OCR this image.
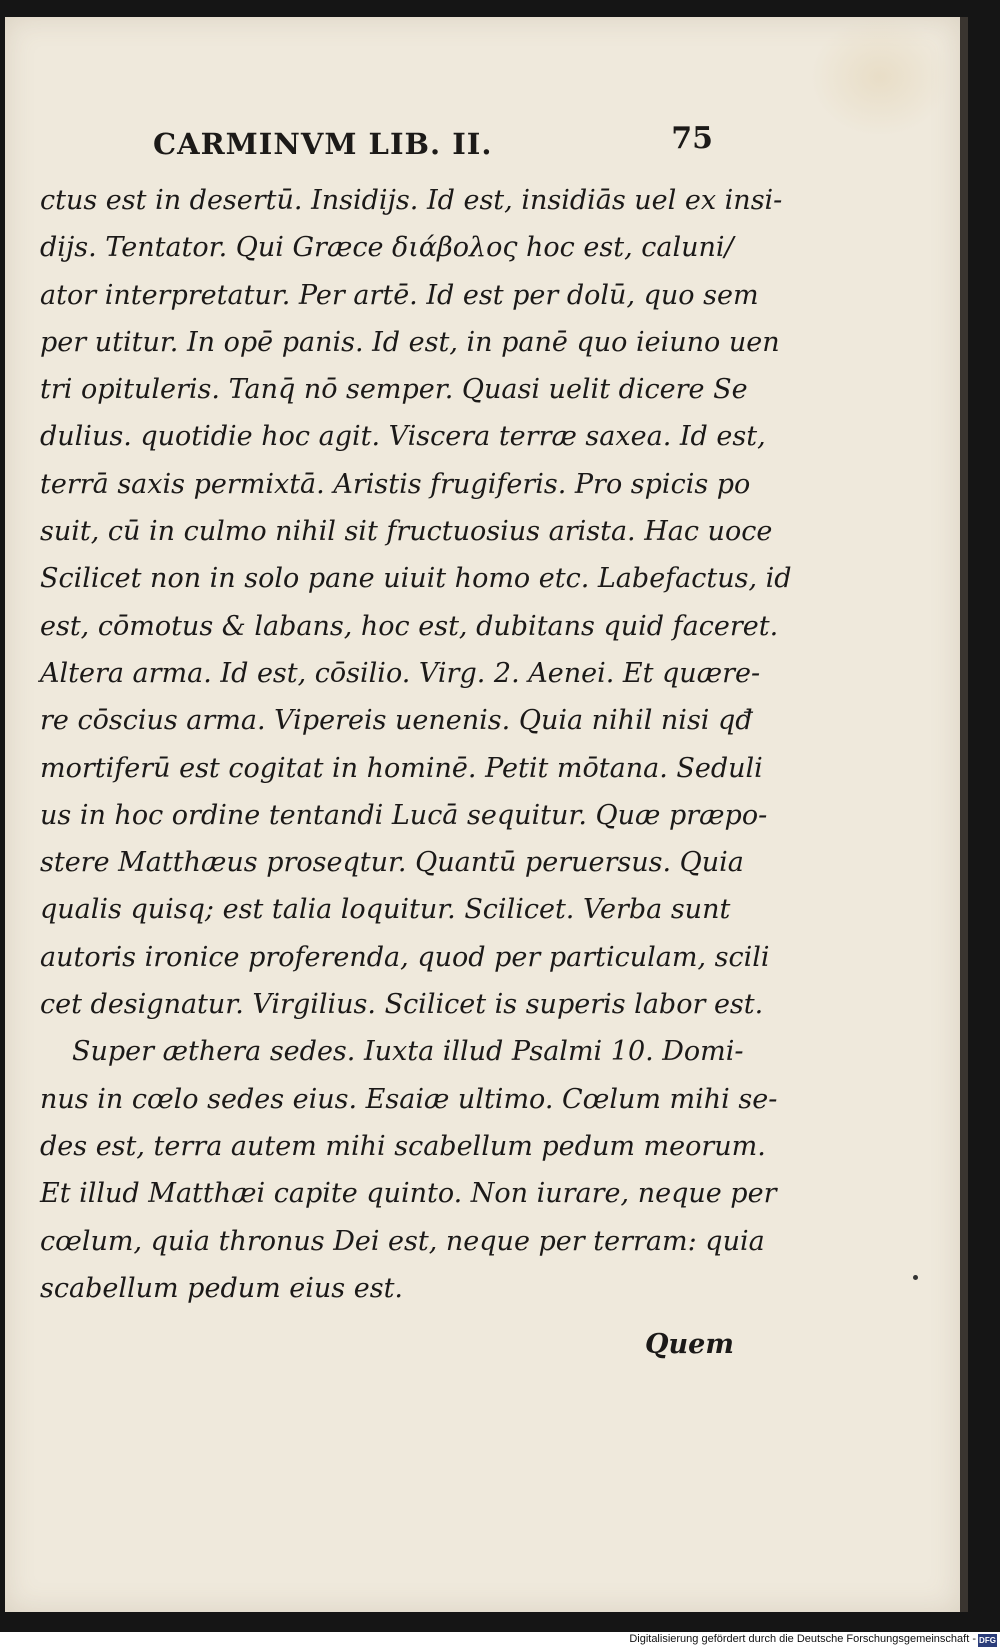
CARMINVM LIB. II.	75
ctus est in desertū. Insidijs. Id est, insidiās uel ex insi-
dijs. Tentator. Qui Græce διάβολος hoc est, caluni/
ator interpretatur. Per artē. Id est per dolū, quo sem
per utitur. In opē panis. Id est, in panē quo ieiuno uen
tri opituleris. Tanq̄ nō semper. Quasi uelit dicere Se
dulius. quotidie hoc agit. Viscera terræ saxea. Id est,
terrā saxis permixtā. Aristis frugiferis. Pro spicis po
suit, cū in culmo nihil sit fructuosius arista. Hac uoce
Scilicet non in solo pane uiuit homo etc. Labefactus, id
est, cōmotus & labans, hoc est, dubitans quid faceret.
Altera arma. Id est, cōsilio. Virg. 2. Aenei. Et quære-
re cōscius arma. Vipereis uenenis. Quia nihil nisi qđ
mortiferū est cogitat in hominē. Petit mōtana. Seduli
us in hoc ordine tentandi Lucā sequitur. Quæ præpo-
stere Matthæus proseqtur. Quantū peruersus. Quia
qualis quisq; est talia loquitur. Scilicet. Verba sunt
autoris ironice proferenda, quod per particulam, scili
cet designatur. Virgilius. Scilicet is superis labor est.
Super æthera sedes. Iuxta illud Psalmi 10. Domi-
nus in cœlo sedes eius. Esaiæ ultimo. Cœlum mihi se-
des est, terra autem mihi scabellum pedum meorum.
Et illud Matthæi capite quinto. Non iurare, neque per
cœlum, quia thronus Dei est, neque per terram: quia
scabellum pedum eius est.
Quem
Digitalisierung gefördert durch die Deutsche Forschungsgemeinschaft - DFG
